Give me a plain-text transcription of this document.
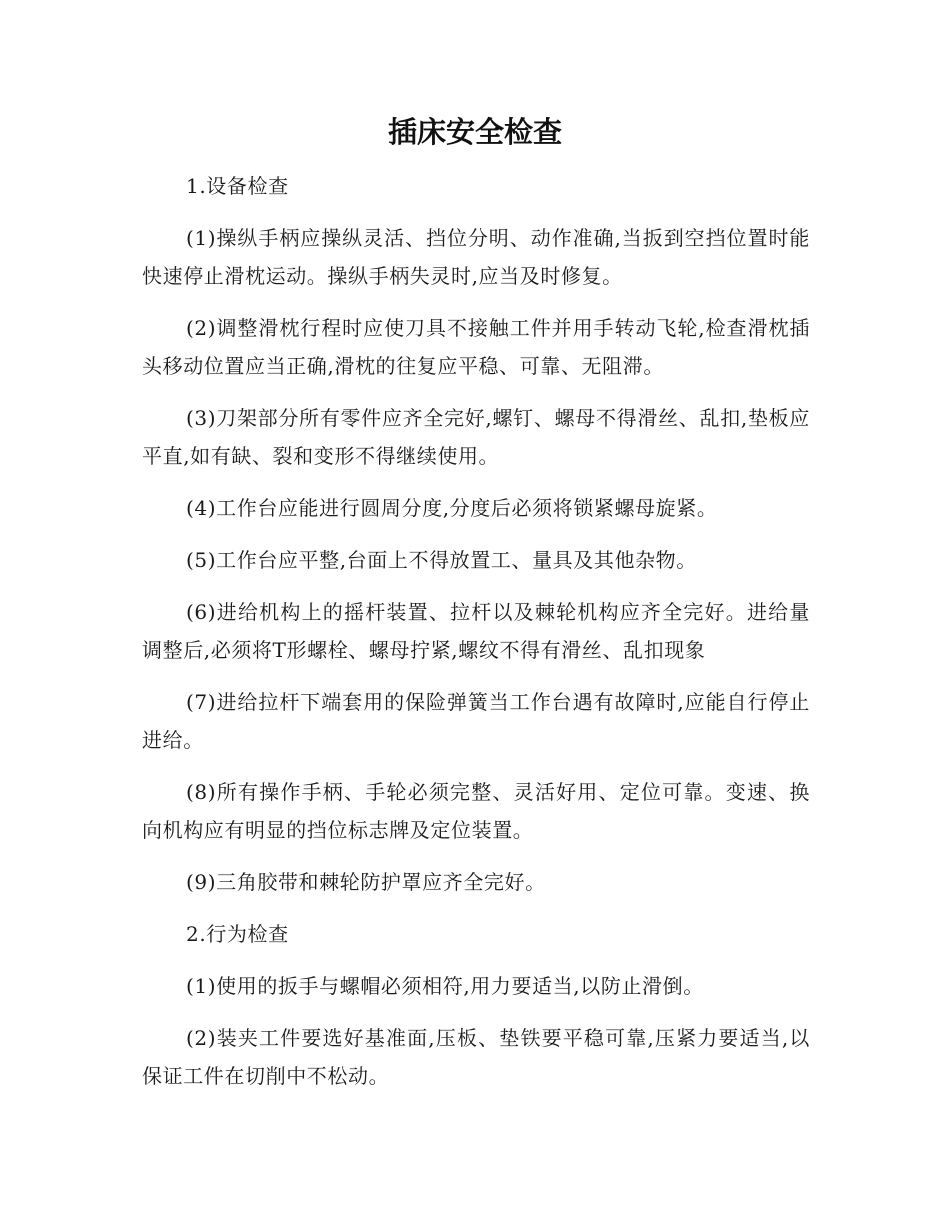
插床安全检查

1.设备检查

(1)操纵手柄应操纵灵活、挡位分明、动作准确,当扳到空挡位置时能快速停止滑枕运动。操纵手柄失灵时,应当及时修复。

(2)调整滑枕行程时应使刀具不接触工件并用手转动飞轮,检查滑枕插头移动位置应当正确,滑枕的往复应平稳、可靠、无阻滞。

(3)刀架部分所有零件应齐全完好,螺钉、螺母不得滑丝、乱扣,垫板应平直,如有缺、裂和变形不得继续使用。

(4)工作台应能进行圆周分度,分度后必须将锁紧螺母旋紧。

(5)工作台应平整,台面上不得放置工、量具及其他杂物。

(6)进给机构上的摇杆装置、拉杆以及棘轮机构应齐全完好。进给量调整后,必须将T形螺栓、螺母拧紧,螺纹不得有滑丝、乱扣现象

(7)进给拉杆下端套用的保险弹簧当工作台遇有故障时,应能自行停止进给。

(8)所有操作手柄、手轮必须完整、灵活好用、定位可靠。变速、换向机构应有明显的挡位标志牌及定位装置。

(9)三角胶带和棘轮防护罩应齐全完好。

2.行为检查

(1)使用的扳手与螺帽必须相符,用力要适当,以防止滑倒。

(2)装夹工件要选好基准面,压板、垫铁要平稳可靠,压紧力要适当,以保证工件在切削中不松动。
